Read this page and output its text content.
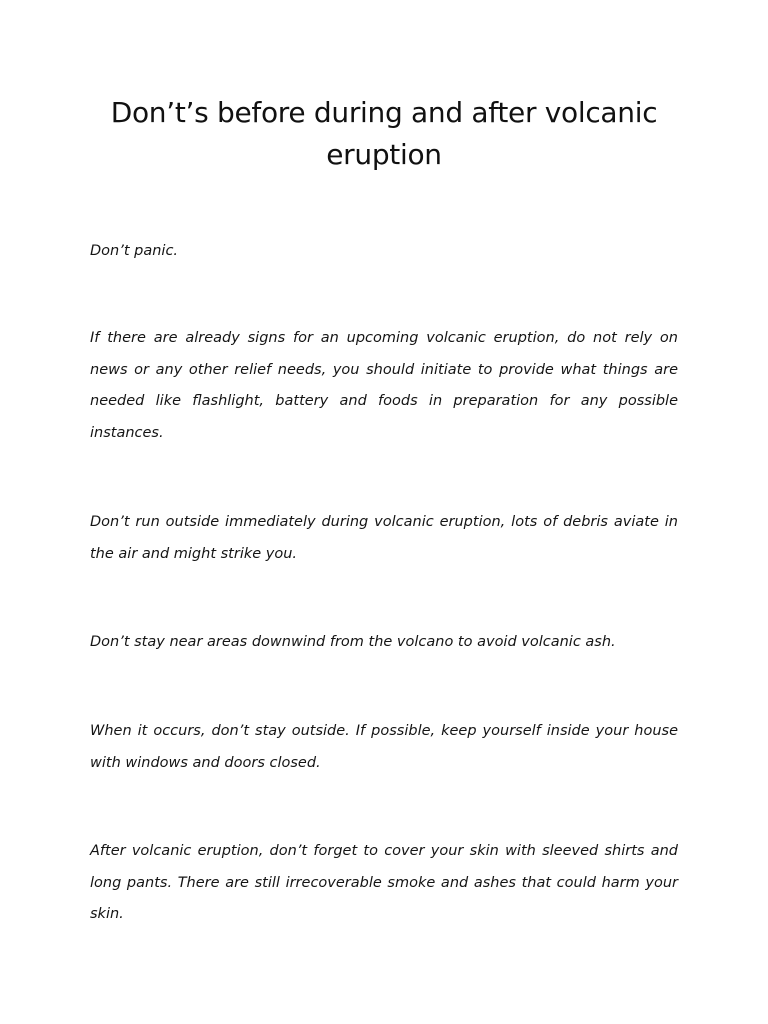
Don’t’s before during and after volcanic eruption

Don’t panic.

If there are already signs for an upcoming volcanic eruption, do not rely on news or any other relief needs, you should initiate to provide what things are needed like flashlight, battery and foods in preparation for any possible instances.

Don’t run outside immediately during volcanic eruption, lots of debris aviate in the air and might strike you.

Don’t stay near areas downwind from the volcano to avoid volcanic ash.

When it occurs, don’t stay outside. If possible, keep yourself inside your house with windows and doors closed.

After volcanic eruption, don’t forget to cover your skin with sleeved shirts and long pants. There are still irrecoverable smoke and ashes that could harm your skin.
